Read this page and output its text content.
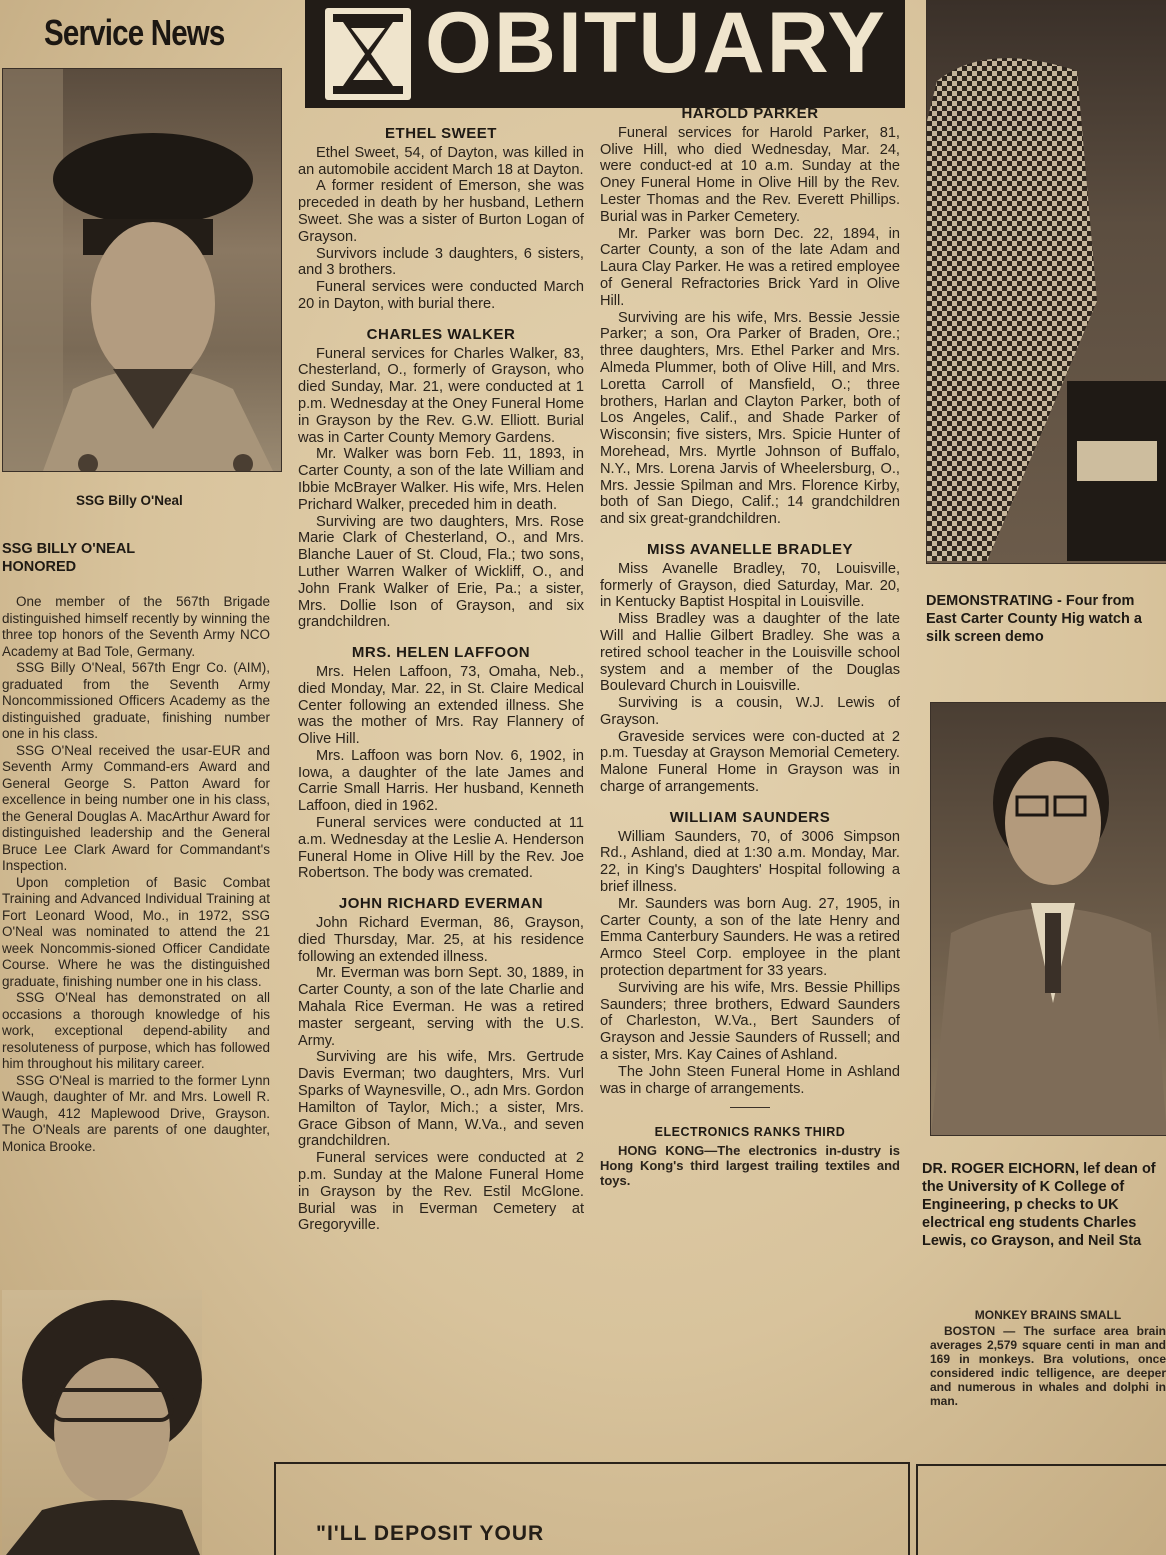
Service News
SSG Billy O'Neal
SSG BILLY O'NEAL
HONORED

One member of the 567th Brigade distinguished himself recently by winning the three top honors of the Seventh Army NCO Academy at Bad Tole, Germany.

SSG Billy O'Neal, 567th Engr Co. (AIM), graduated from the Seventh Army Noncommissioned Officers Academy as the distinguished graduate, finishing number one in his class.

SSG O'Neal received the usar-EUR and Seventh Army Command-ers Award and General George S. Patton Award for excellence in being number one in his class, the General Douglas A. MacArthur Award for distinguished leadership and the General Bruce Lee Clark Award for Commandant's Inspection.

Upon completion of Basic Combat Training and Advanced Individual Training at Fort Leonard Wood, Mo., in 1972, SSG O'Neal was nominated to attend the 21 week Noncommis-sioned Officer Candidate Course. Where he was the distinguished graduate, finishing number one in his class.

SSG O'Neal has demonstrated on all occasions a thorough knowledge of his work, exceptional depend-ability and resoluteness of purpose, which has followed him throughout his military career.

SSG O'Neal is married to the former Lynn Waugh, daughter of Mr. and Mrs. Lowell R. Waugh, 412 Maplewood Drive, Grayson. The O'Neals are parents of one daughter, Monica Brooke.

OBITUARY
ETHEL SWEET

Ethel Sweet, 54, of Dayton, was killed in an automobile accident March 18 at Dayton.

A former resident of Emerson, she was preceded in death by her husband, Lethern Sweet. She was a sister of Burton Logan of Grayson.

Survivors include 3 daughters, 6 sisters, and 3 brothers.

Funeral services were conducted March 20 in Dayton, with burial there.

CHARLES WALKER

Funeral services for Charles Walker, 83, Chesterland, O., formerly of Grayson, who died Sunday, Mar. 21, were conducted at 1 p.m. Wednesday at the Oney Funeral Home in Grayson by the Rev. G.W. Elliott. Burial was in Carter County Memory Gardens.

Mr. Walker was born Feb. 11, 1893, in Carter County, a son of the late William and Ibbie McBrayer Walker. His wife, Mrs. Helen Prichard Walker, preceded him in death.

Surviving are two daughters, Mrs. Rose Marie Clark of Chesterland, O., and Mrs. Blanche Lauer of St. Cloud, Fla.; two sons, Luther Warren Walker of Wickliff, O., and John Frank Walker of Erie, Pa.; a sister, Mrs. Dollie Ison of Grayson, and six grandchildren.

MRS. HELEN LAFFOON

Mrs. Helen Laffoon, 73, Omaha, Neb., died Monday, Mar. 22, in St. Claire Medical Center following an extended illness. She was the mother of Mrs. Ray Flannery of Olive Hill.

Mrs. Laffoon was born Nov. 6, 1902, in Iowa, a daughter of the late James and Carrie Small Harris. Her husband, Kenneth Laffoon, died in 1962.

Funeral services were conducted at 11 a.m. Wednesday at the Leslie A. Henderson Funeral Home in Olive Hill by the Rev. Joe Robertson. The body was cremated.

JOHN RICHARD EVERMAN

John Richard Everman, 86, Grayson, died Thursday, Mar. 25, at his residence following an extended illness.

Mr. Everman was born Sept. 30, 1889, in Carter County, a son of the late Charlie and Mahala Rice Everman. He was a retired master sergeant, serving with the U.S. Army.

Surviving are his wife, Mrs. Gertrude Davis Everman; two daughters, Mrs. Vurl Sparks of Waynesville, O., adn Mrs. Gordon Hamilton of Taylor, Mich.; a sister, Mrs. Grace Gibson of Mann, W.Va., and seven grandchildren.

Funeral services were conducted at 2 p.m. Sunday at the Malone Funeral Home in Grayson by the Rev. Estil McGlone. Burial was in Everman Cemetery at Gregoryville.

HAROLD PARKER

Funeral services for Harold Parker, 81, Olive Hill, who died Wednesday, Mar. 24, were conduct-ed at 10 a.m. Sunday at the Oney Funeral Home in Olive Hill by the Rev. Lester Thomas and the Rev. Everett Phillips. Burial was in Parker Cemetery.

Mr. Parker was born Dec. 22, 1894, in Carter County, a son of the late Adam and Laura Clay Parker. He was a retired employee of General Refractories Brick Yard in Olive Hill.

Surviving are his wife, Mrs. Bessie Jessie Parker; a son, Ora Parker of Braden, Ore.; three daughters, Mrs. Ethel Parker and Mrs. Almeda Plummer, both of Olive Hill, and Mrs. Loretta Carroll of Mansfield, O.; three brothers, Harlan and Clayton Parker, both of Los Angeles, Calif., and Shade Parker of Wisconsin; five sisters, Mrs. Spicie Hunter of Morehead, Mrs. Myrtle Johnson of Buffalo, N.Y., Mrs. Lorena Jarvis of Wheelersburg, O., Mrs. Jessie Spilman and Mrs. Florence Kirby, both of San Diego, Calif.; 14 grandchildren and six great-grandchildren.

MISS AVANELLE BRADLEY

Miss Avanelle Bradley, 70, Louisville, formerly of Grayson, died Saturday, Mar. 20, in Kentucky Baptist Hospital in Louisville.

Miss Bradley was a daughter of the late Will and Hallie Gilbert Bradley. She was a retired school teacher in the Louisville school system and a member of the Douglas Boulevard Church in Louisville.

Surviving is a cousin, W.J. Lewis of Grayson.

Graveside services were con-ducted at 2 p.m. Tuesday at Grayson Memorial Cemetery. Malone Funeral Home in Grayson was in charge of arrangements.

WILLIAM SAUNDERS

William Saunders, 70, of 3006 Simpson Rd., Ashland, died at 1:30 a.m. Monday, Mar. 22, in King's Daughters' Hospital following a brief illness.

Mr. Saunders was born Aug. 27, 1905, in Carter County, a son of the late Henry and Emma Canterbury Saunders. He was a retired Armco Steel Corp. employee in the plant protection department for 33 years.

Surviving are his wife, Mrs. Bessie Phillips Saunders; three brothers, Edward Saunders of Charleston, W.Va., Bert Saunders of Grayson and Jessie Saunders of Russell; and a sister, Mrs. Kay Caines of Ashland.

The John Steen Funeral Home in Ashland was in charge of arrangements.

ELECTRONICS RANKS THIRD

HONG KONG—The electronics in-dustry is Hong Kong's third largest trailing textiles and toys.

DEMONSTRATING - Four from East Carter County Hig watch a silk screen demo
DR. ROGER EICHORN, lef dean of the University of K College of Engineering, p checks to UK electrical eng students Charles Lewis, co Grayson, and Neil Sta
MONKEY BRAINS SMALL

BOSTON — The surface area brain averages 2,579 square centi in man and 169 in monkeys. Bra volutions, once considered indic telligence, are deeper and numerous in whales and dolphi in man.

"I'LL DEPOSIT YOUR
